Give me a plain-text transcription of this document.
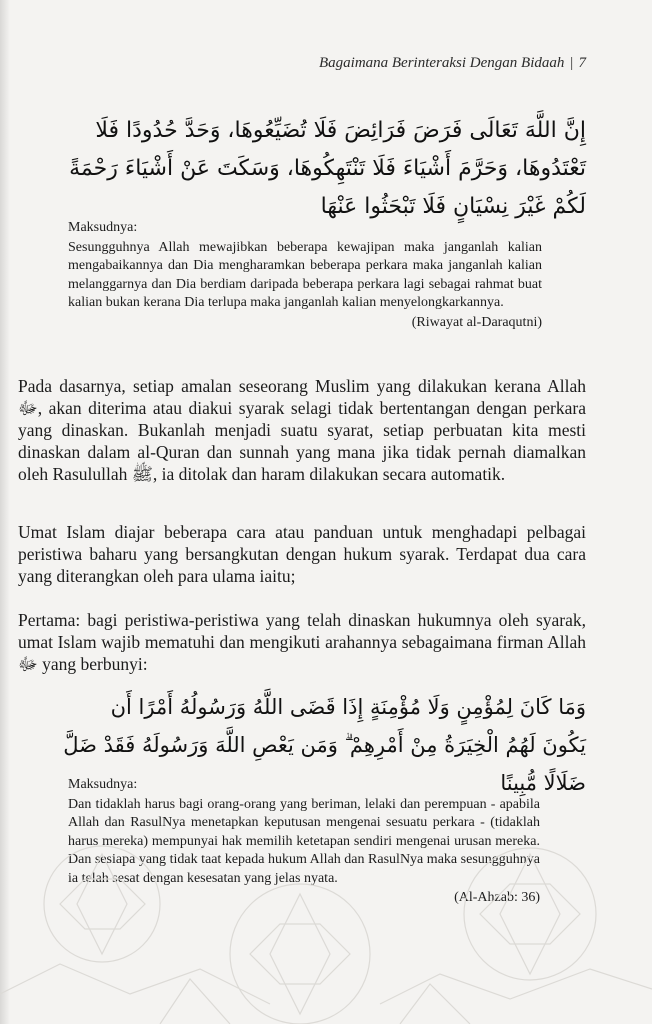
Bagaimana Berinteraksi Dengan Bidaah | 7
إِنَّ اللَّهَ تَعَالَى فَرَضَ فَرَائِضَ فَلَا تُضَيِّعُوهَا، وَحَدَّ حُدُودًا فَلَا تَعْتَدُوهَا، وَحَرَّمَ أَشْيَاءَ فَلَا تَنْتَهِكُوهَا، وَسَكَتَ عَنْ أَشْيَاءَ رَحْمَةً لَكُمْ غَيْرَ نِسْيَانٍ فَلَا تَبْحَثُوا عَنْهَا
Maksudnya:
Sesungguhnya Allah mewajibkan beberapa kewajipan maka janganlah kalian mengabaikannya dan Dia mengharamkan beberapa perkara maka janganlah kalian melanggarnya dan Dia berdiam daripada beberapa perkara lagi sebagai rahmat buat kalian bukan kerana Dia terlupa maka janganlah kalian menyelongkarkannya.
(Riwayat al-Daraqutni)
Pada dasarnya, setiap amalan seseorang Muslim yang dilakukan kerana Allah ﷻ, akan diterima atau diakui syarak selagi tidak bertentangan dengan perkara yang dinaskan. Bukanlah menjadi suatu syarat, setiap perbuatan kita mesti dinaskan dalam al-Quran dan sunnah yang mana jika tidak pernah diamalkan oleh Rasulullah ﷺ, ia ditolak dan haram dilakukan secara automatik.
Umat Islam diajar beberapa cara atau panduan untuk menghadapi pelbagai peristiwa baharu yang bersangkutan dengan hukum syarak. Terdapat dua cara yang diterangkan oleh para ulama iaitu;
Pertama: bagi peristiwa-peristiwa yang telah dinaskan hukumnya oleh syarak, umat Islam wajib mematuhi dan mengikuti arahannya sebagaimana firman Allah ﷻ yang berbunyi:
وَمَا كَانَ لِمُؤْمِنٍ وَلَا مُؤْمِنَةٍ إِذَا قَضَى اللَّهُ وَرَسُولُهُ أَمْرًا أَن يَكُونَ لَهُمُ الْخِيَرَةُ مِنْ أَمْرِهِمْ ۗ وَمَن يَعْصِ اللَّهَ وَرَسُولَهُ فَقَدْ ضَلَّ ضَلَالًا مُّبِينًا
Maksudnya:
Dan tidaklah harus bagi orang-orang yang beriman, lelaki dan perempuan - apabila Allah dan RasulNya menetapkan keputusan mengenai sesuatu perkara - (tidaklah harus mereka) mempunyai hak memilih ketetapan sendiri mengenai urusan mereka. Dan sesiapa yang tidak taat kepada hukum Allah dan RasulNya maka sesungguhnya ia telah sesat dengan kesesatan yang jelas nyata.
(Al-Ahzab: 36)
